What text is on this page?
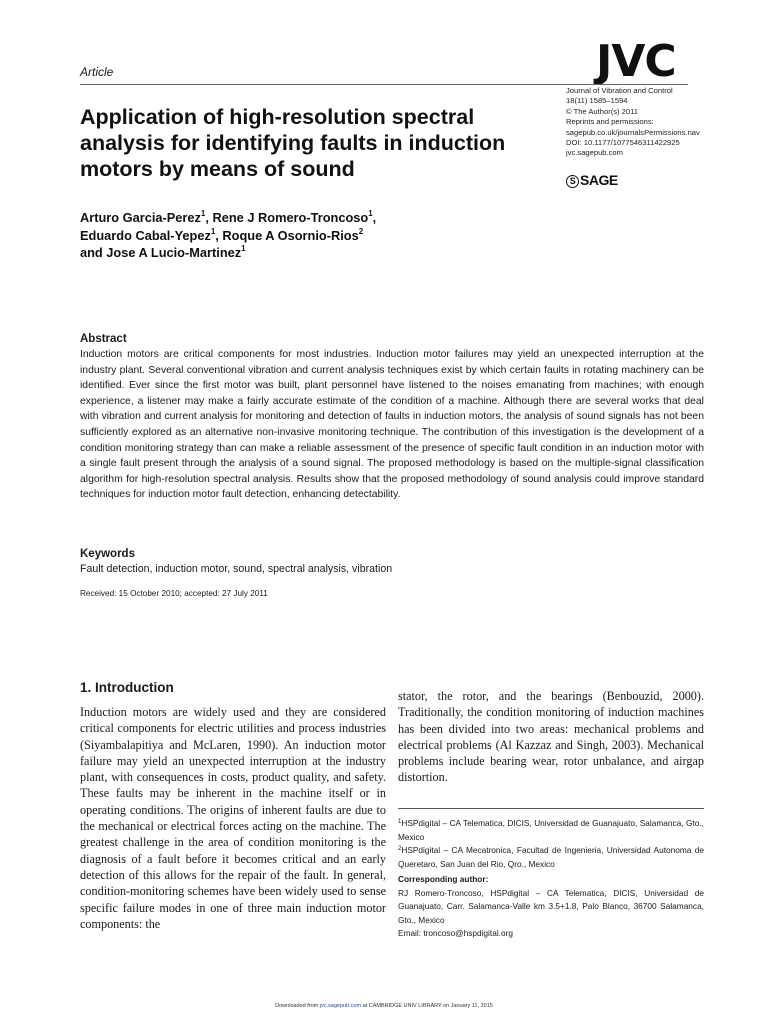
Article	JVC
Journal of Vibration and Control
18(11) 1585–1594
© The Author(s) 2011
Reprints and permissions:
sagepub.co.uk/journalsPermissions.nav
DOI: 10.1177/1077546311422925
jvc.sagepub.com
S SAGE
Application of high-resolution spectral analysis for identifying faults in induction motors by means of sound
Arturo Garcia-Perez$^1$, Rene J Romero-Troncoso$^1$,
Eduardo Cabal-Yepez$^1$, Roque A Osornio-Rios$^2$
and Jose A Lucio-Martinez$^1$
Abstract
Induction motors are critical components for most industries. Induction motor failures may yield an unexpected interruption at the industry plant. Several conventional vibration and current analysis techniques exist by which certain faults in rotating machinery can be identified. Ever since the first motor was built, plant personnel have listened to the noises emanating from machines; with enough experience, a listener may make a fairly accurate estimate of the condition of a machine. Although there are several works that deal with vibration and current analysis for monitoring and detection of faults in induction motors, the analysis of sound signals has not been sufficiently explored as an alternative non-invasive monitoring technique. The contribution of this investigation is the development of a condition monitoring strategy than can make a reliable assessment of the presence of specific fault condition in an induction motor with a single fault present through the analysis of a sound signal. The proposed methodology is based on the multiple-signal classification algorithm for high-resolution spectral analysis. Results show that the proposed methodology of sound analysis could improve standard techniques for induction motor fault detection, enhancing detectability.
Keywords
Fault detection, induction motor, sound, spectral analysis, vibration
Received: 15 October 2010; accepted: 27 July 2011
1. Introduction
Induction motors are widely used and they are considered critical components for electric utilities and process industries (Siyambalapitiya and McLaren, 1990). An induction motor failure may yield an unexpected interruption at the industry plant, with consequences in costs, product quality, and safety. These faults may be inherent in the machine itself or in operating conditions. The origins of inherent faults are due to the mechanical or electrical forces acting on the machine. The greatest challenge in the area of condition monitoring is the diagnosis of a fault before it becomes critical and an early detection of this allows for the repair of the fault. In general, condition-monitoring schemes have been widely used to sense specific failure modes in one of three main induction motor components: the
stator, the rotor, and the bearings (Benbouzid, 2000). Traditionally, the condition monitoring of induction machines has been divided into two areas: mechanical problems and electrical problems (Al Kazzaz and Singh, 2003). Mechanical problems include bearing wear, rotor unbalance, and airgap distortion.
$^1$HSPdigital – CA Telematica, DICIS, Universidad de Guanajuato, Salamanca, Gto., Mexico
$^2$HSPdigital – CA Mecatronica, Facultad de Ingenieria, Universidad Autonoma de Queretaro, San Juan del Rio, Qro., Mexico
Corresponding author:
RJ Romero-Troncoso, HSPdigital – CA Telematica, DICIS, Universidad de Guanajuato, Carr. Salamanca-Valle km 3.5+1.8, Palo Blanco, 36700 Salamanca, Gto., Mexico
Email: troncoso@hspdigital.org
Downloaded from jvc.sagepub.com at CAMBRIDGE UNIV LIBRARY on January 11, 2015
